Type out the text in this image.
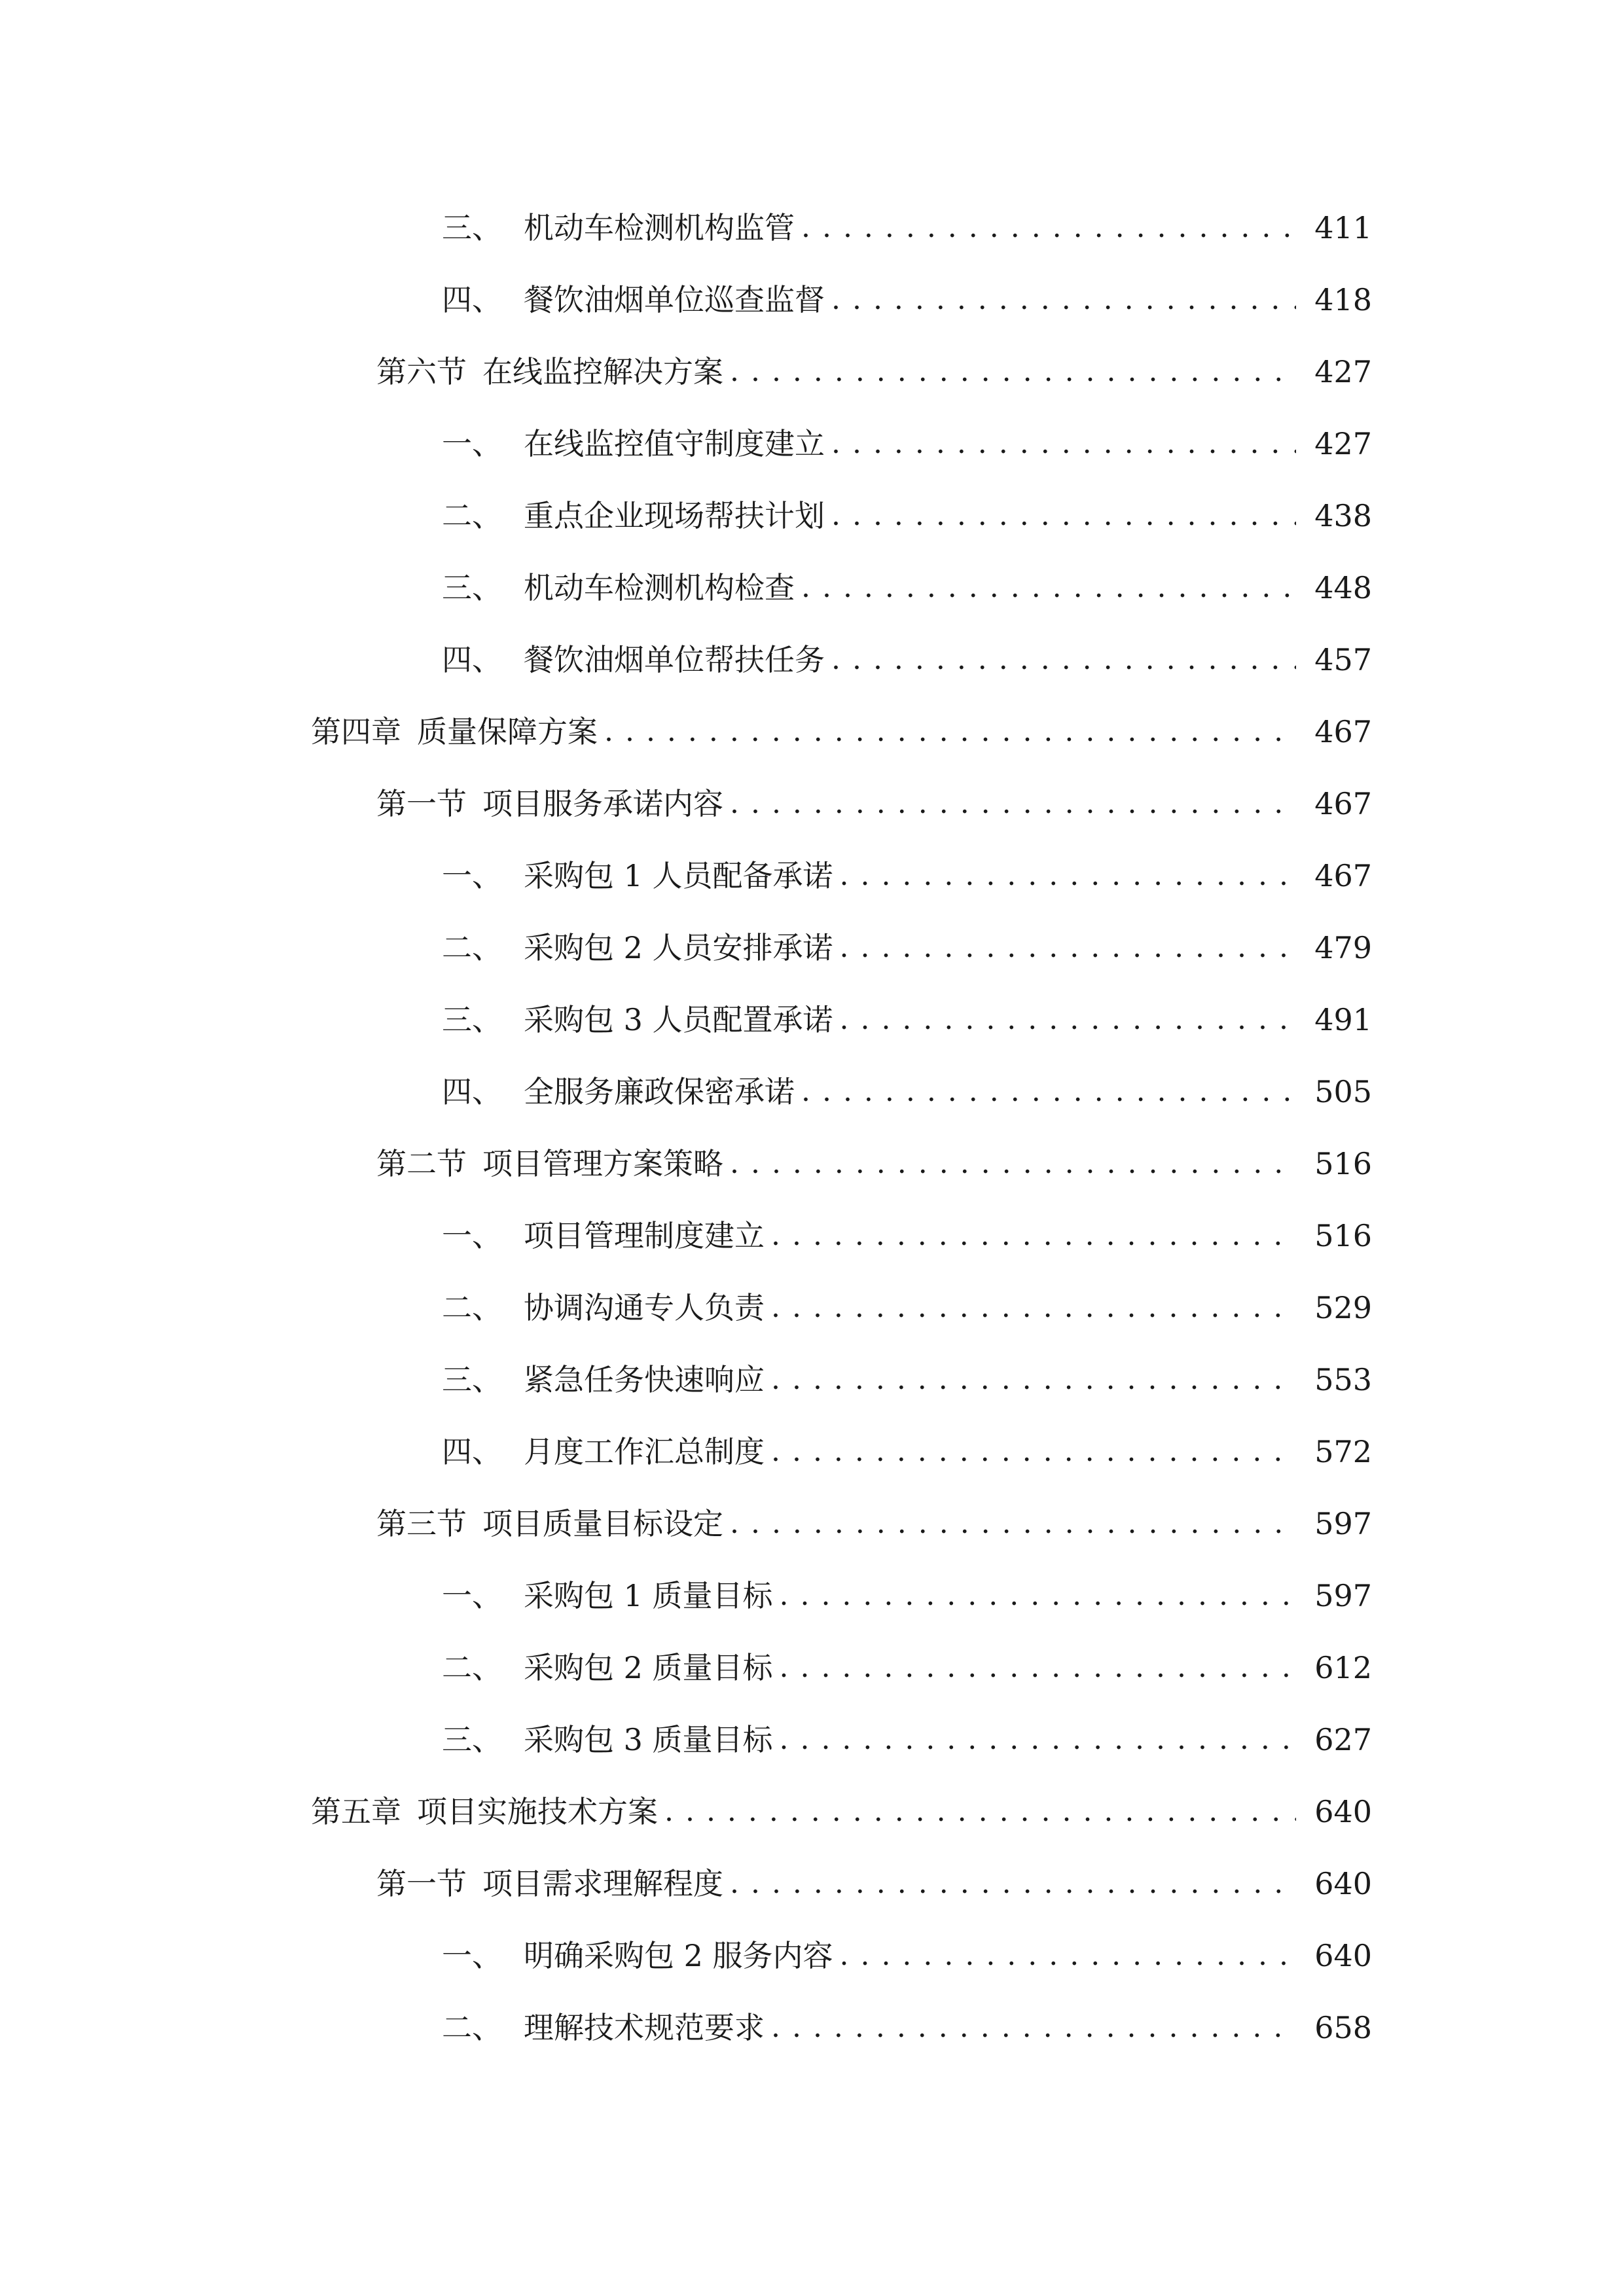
三、 机动车检测机构监管 . . .	411
四、 餐饮油烟单位巡查监督 . . .	418
第六节 在线监控解决方案 . . .	427
一、 在线监控值守制度建立 . . .	427
二、 重点企业现场帮扶计划 . . .	438
三、 机动车检测机构检查 . . .	448
四、 餐饮油烟单位帮扶任务 . . .	457
第四章 质量保障方案 . . .	467
第一节 项目服务承诺内容 . . .	467
一、 采购包 1 人员配备承诺 . . .	467
二、 采购包 2 人员安排承诺 . . .	479
三、 采购包 3 人员配置承诺 . . .	491
四、 全服务廉政保密承诺 . . .	505
第二节 项目管理方案策略 . . .	516
一、 项目管理制度建立 . . .	516
二、 协调沟通专人负责 . . .	529
三、 紧急任务快速响应 . . .	553
四、 月度工作汇总制度 . . .	572
第三节 项目质量目标设定 . . .	597
一、 采购包 1 质量目标 . . .	597
二、 采购包 2 质量目标 . . .	612
三、 采购包 3 质量目标 . . .	627
第五章 项目实施技术方案 . . .	640
第一节 项目需求理解程度 . . .	640
一、 明确采购包 2 服务内容 . . .	640
二、 理解技术规范要求 . . .	658
